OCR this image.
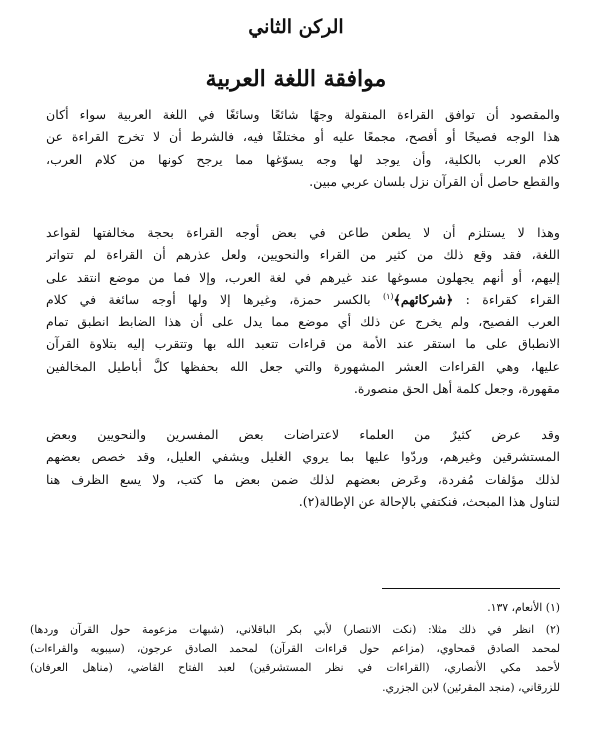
الركن الثاني
موافقة اللغة العربية
والمقصود أن توافق القراءة المنقولة وجهًا شائعًا وسائغًا في اللغة العربية سواء أكان
هذا الوجه فصيحًا أو أفصح، مجمعًا عليه أو مختلفًا فيه، فالشرط أن لا تخرج القراءة عن
كلام العرب بالكلية، وأن يوجد لها وجه يسوّغها مما يرجح كونها من كلام العرب،
والقطع حاصل أن القرآن نزل بلسان عربي مبين.
وهذا لا يستلزم أن لا يطعن طاعن في بعض أوجه القراءة بحجة مخالفتها لقواعد
اللغة، فقد وقع ذلك من كثير من القراء والنحويين، ولعل عذرهم أن القراءة لم تتواتر
إليهم، أو أنهم يجهلون مسوغها عند غيرهم في لغة العرب، وإلا فما من موضع انتقد على
القراء كقراءة : ﴿شركائهم﴾$^{(١)}$ بالكسر حمزة، وغيرها إلا ولها أوجه سائغة في كلام
العرب الفصيح، ولم يخرج عن ذلك أي موضع مما يدل على أن هذا الضابط انطبق تمام
الانطباق على ما استقر عند الأمة من قراءات تتعبد الله بها وتتقرب إليه بتلاوة القرآن
عليها، وهي القراءات العشر المشهورة والتي جعل الله بحفظها كلَّ أباطيل المخالفين
مقهورة، وجعل كلمة أهل الحق منصورة.
وقد عرض كثيرٌ من العلماء لاعتراضات بعض المفسرين والنحويين وبعض
المستشرقين وغيرهم، وردّوا عليها بما يروي الغليل ويشفي العليل، وقد خصص بعضهم
لذلك مؤلفات مُفردة، وعَرض بعضهم لذلك ضمن بعض ما كتب، ولا يسع الظرف هنا
لتناول هذا المبحث، فنكتفي بالإحالة عن الإطالة(٢).
(١) الأنعام، ١٣٧.
(٢) انظر في ذلك مثلا: (نكت الانتصار) لأبي بكر الباقلاني، (شبهات مزعومة حول القرآن وردها)
لمحمد الصادق قمحاوي، (مزاعم حول قراءات القرآن) لمحمد الصادق عرجون، (سيبويه والقراءات)
لأحمد مكي الأنصاري، (القراءات في نظر المستشرقين) لعبد الفتاح القاضي، (مناهل العرفان)
للزرقاني، (منجد المقرئين) لابن الجزري.
